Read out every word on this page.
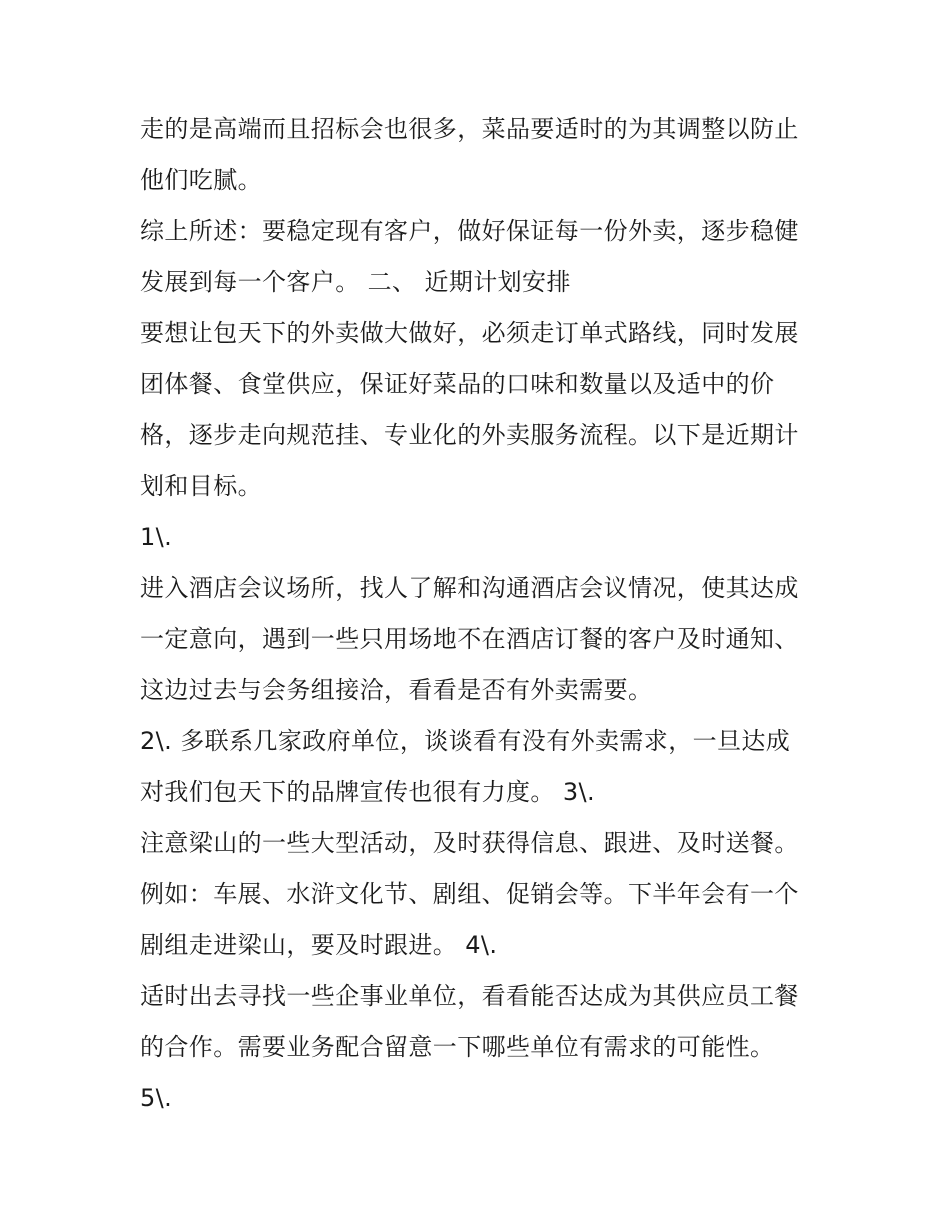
走的是高端而且招标会也很多，菜品要适时的为其调整以防止
他们吃腻。
综上所述：要稳定现有客户，做好保证每一份外卖，逐步稳健
发展到每一个客户。 二、 近期计划安排
要想让包天下的外卖做大做好，必须走订单式路线，同时发展
团体餐、食堂供应，保证好菜品的口味和数量以及适中的价
格，逐步走向规范挂、专业化的外卖服务流程。以下是近期计
划和目标。
1\.
进入酒店会议场所，找人了解和沟通酒店会议情况，使其达成
一定意向，遇到一些只用场地不在酒店订餐的客户及时通知、
这边过去与会务组接洽，看看是否有外卖需要。
2\. 多联系几家政府单位，谈谈看有没有外卖需求，一旦达成
对我们包天下的品牌宣传也很有力度。 3\.
注意梁山的一些大型活动，及时获得信息、跟进、及时送餐。
例如：车展、水浒文化节、剧组、促销会等。下半年会有一个
剧组走进梁山，要及时跟进。 4\.
适时出去寻找一些企事业单位，看看能否达成为其供应员工餐
的合作。需要业务配合留意一下哪些单位有需求的可能性。
5\.
